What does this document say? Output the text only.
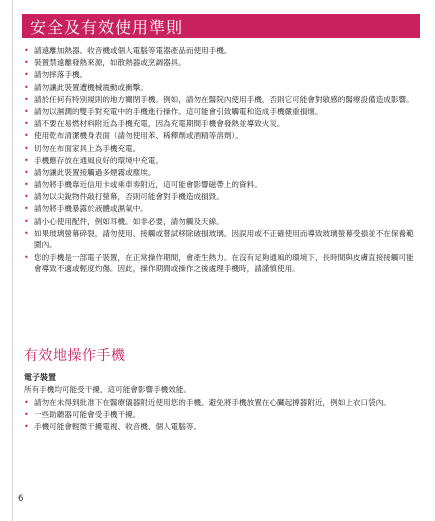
安全及有效使用準則
• 請遠離加熱器、收音機或個人電腦等電器產品而使用手機。
• 裝置禁遠離發熱來源，如散熱器或烹調器具。
• 請勿摔落手機。
• 請勿讓此裝置遭機械震動或衝擊。
• 請於任何有特別規則的地方關閉手機。例如，請勿在醫院內使用手機，否則它可能會對敏感的醫療設備造成影響。
• 請勿以濕潤的雙手對充電中的手機進行操作。這可能會引致觸電和造成手機嚴重損壞。
• 請不要在易燃材料附近為手機充電，因為充電期間手機會發熱並導致火災。
• 使用乾布清潔機身表面（請勿使用苯、稀釋劑或酒精等溶劑）。
• 切勿在布面家具上為手機充電。
• 手機應存放在通風良好的環境中充電。
• 請勿讓此裝置接觸過多煙霧或塵埃。
• 請勿將手機靠近信用卡或乘車劵附近，這可能會影響磁帶上的資料。
• 請勿以尖銳物件敲打螢幕，否則可能會對手機造成損毀。
• 請勿將手機暴露於液體或濕氣中。
• 請小心使用配件，例如耳機。如非必要，請勿觸及天線。
• 如果玻璃螢幕碎裂，請勿使用、接觸或嘗試移除破損玻璃。因誤用或不正確使用而導致玻璃螢幕受損並不在保養範圍內。
• 您的手機是一部電子裝置，在正常操作期間，會產生熱力。在沒有足夠通風的環境下，長時間與皮膚直接接觸可能會導致不適或輕度灼傷。因此，操作期間或操作之後處理手機時，請謹慎使用。
有效地操作手機
電子裝置
所有手機均可能受干擾，這可能會影響手機效能。
• 請勿在未得到批准下在醫療儀器附近使用您的手機。避免將手機放置在心臟起搏器附近，例如上衣口袋內。
• 一些助聽器可能會受手機干擾。
• 手機可能會輕微干擾電視、收音機、個人電腦等。
6
